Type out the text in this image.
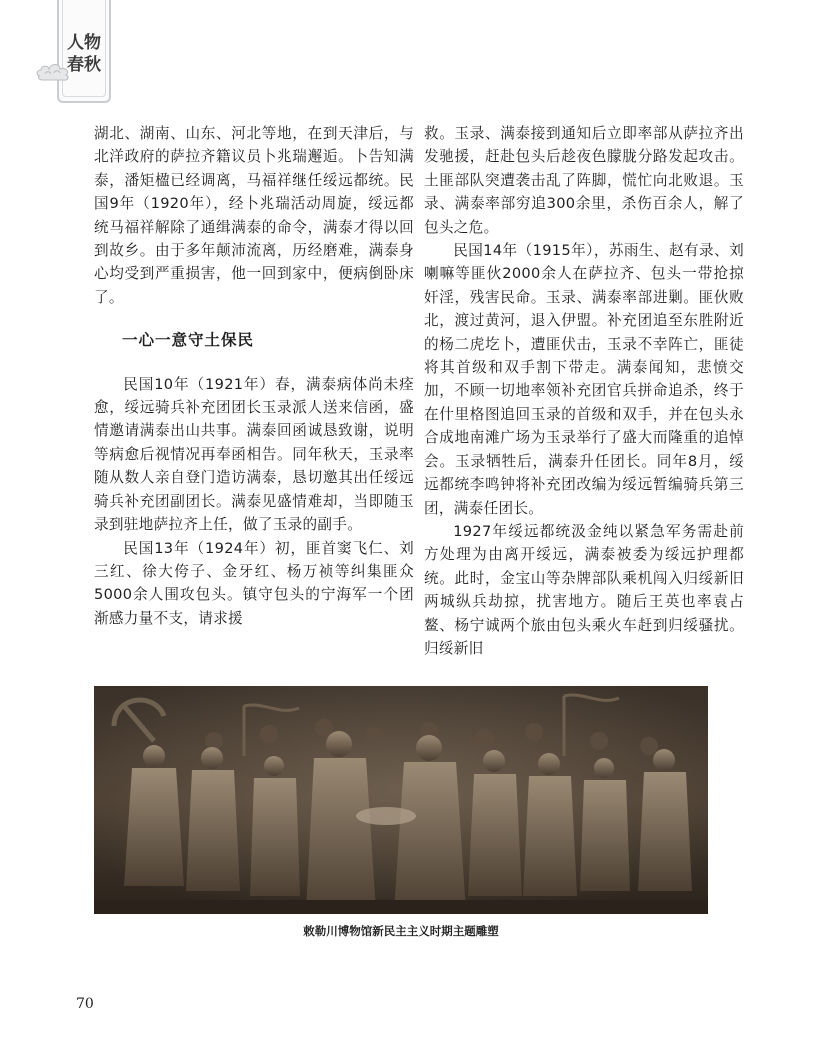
人物
春秋

湖北、湖南、山东、河北等地，在到天津后，与北洋政府的萨拉齐籍议员卜兆瑞邂逅。卜告知满泰，潘矩楹已经调离，马福祥继任绥远都统。民国9年（1920年），经卜兆瑞活动周旋，绥远都统马福祥解除了通缉满泰的命令，满泰才得以回到故乡。由于多年颠沛流离，历经磨难，满泰身心均受到严重损害，他一回到家中，便病倒卧床了。

一心一意守土保民

民国10年（1921年）春，满泰病体尚未痊愈，绥远骑兵补充团团长玉录派人送来信函，盛情邀请满泰出山共事。满泰回函诚恳致谢，说明等病愈后视情况再奉函相告。同年秋天，玉录率随从数人亲自登门造访满泰，恳切邀其出任绥远骑兵补充团副团长。满泰见盛情难却，当即随玉录到驻地萨拉齐上任，做了玉录的副手。

民国13年（1924年）初，匪首窦飞仁、刘三红、徐大侉子、金牙红、杨万祯等纠集匪众5000余人围攻包头。镇守包头的宁海军一个团渐感力量不支，请求援

救。玉录、满泰接到通知后立即率部从萨拉齐出发驰援，赶赴包头后趁夜色朦胧分路发起攻击。土匪部队突遭袭击乱了阵脚，慌忙向北败退。玉录、满泰率部穷追300余里，杀伤百余人，解了包头之危。

民国14年（1915年），苏雨生、赵有录、刘喇嘛等匪伙2000余人在萨拉齐、包头一带抢掠奸淫，残害民命。玉录、满泰率部进剿。匪伙败北，渡过黄河，退入伊盟。补充团追至东胜附近的杨二虎圪卜，遭匪伏击，玉录不幸阵亡，匪徒将其首级和双手割下带走。满泰闻知，悲愤交加，不顾一切地率领补充团官兵拼命追杀，终于在什里格图追回玉录的首级和双手，并在包头永合成地南滩广场为玉录举行了盛大而隆重的追悼会。玉录牺牲后，满泰升任团长。同年8月，绥远都统李鸣钟将补充团改编为绥远暂编骑兵第三团，满泰任团长。

1927年绥远都统汲金纯以紧急军务需赴前方处理为由离开绥远，满泰被委为绥远护理都统。此时，金宝山等杂牌部队乘机闯入归绥新旧两城纵兵劫掠，扰害地方。随后王英也率袁占鳌、杨宁诚两个旅由包头乘火车赶到归绥骚扰。归绥新旧

敕勒川博物馆新民主主义时期主题雕塑
70
